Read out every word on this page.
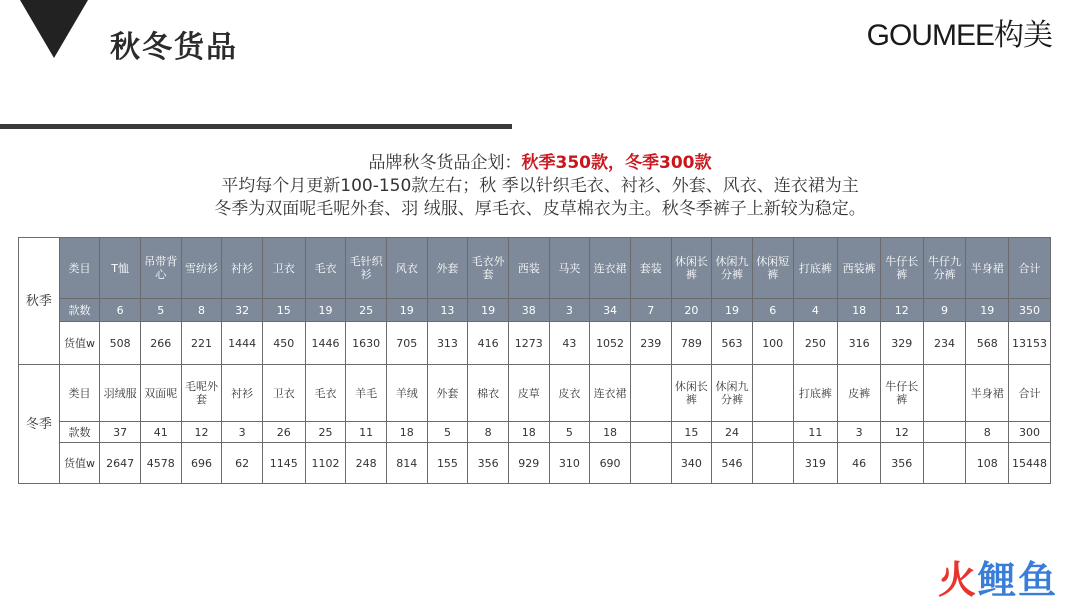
秋冬货品	GOUMEE构美
品牌秋冬货品企划：秋季350款，冬季300款
平均每个月更新100-150款左右；秋 季以针织毛衣、衬衫、外套、风衣、连衣裙为主
冬季为双面呢毛呢外套、羽 绒服、厚毛衣、皮草棉衣为主。秋冬季裤子上新较为稳定。
秋季	类目	T恤	吊带背心	雪纺衫	衬衫	卫衣	毛衣	毛针织衫	风衣	外套	毛衣外套	西装	马夹	连衣裙	套装	休闲长裤	休闲九分裤	休闲短裤	打底裤	西装裤	牛仔长裤	牛仔九分裤	半身裙	合计
	款数	6	5	8	32	15	19	25	19	13	19	38	3	34	7	20	19	6	4	18	12	9	19	350
	货值w	508	266	221	1444	450	1446	1630	705	313	416	1273	43	1052	239	789	563	100	250	316	329	234	568	13153
冬季	类目	羽绒服	双面呢	毛呢外套	衬衫	卫衣	毛衣	羊毛	羊绒	外套	棉衣	皮草	皮衣	连衣裙		休闲长裤	休闲九分裤		打底裤	皮裤	牛仔长裤		半身裙	合计
	款数	37	41	12	3	26	25	11	18	5	8	18	5	18		15	24		11	3	12		8	300
	货值w	2647	4578	696	62	1145	1102	248	814	155	356	929	310	690		340	546		319	46	356		108	15448
火鲤鱼
